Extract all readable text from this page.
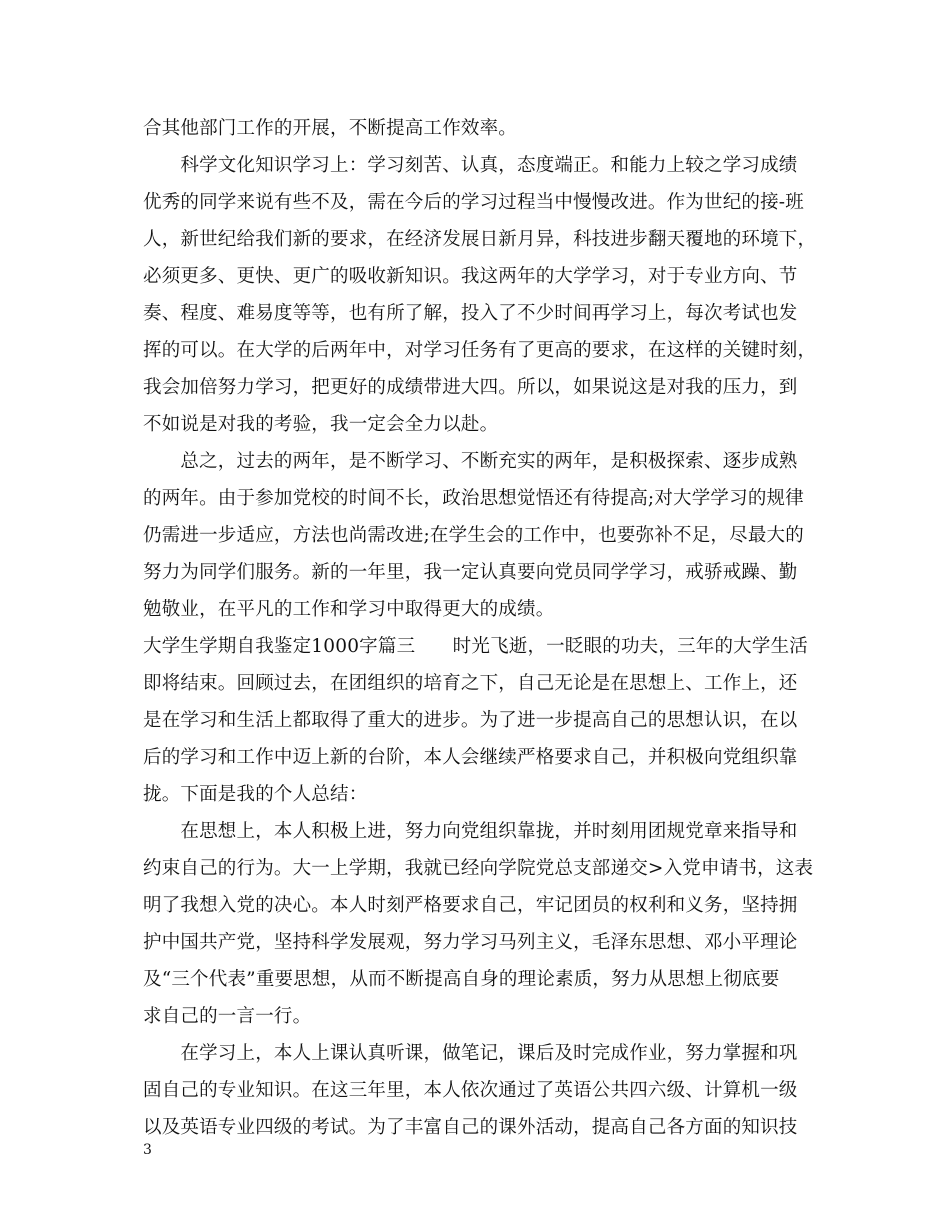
合其他部门工作的开展，不断提高工作效率。
　　科学文化知识学习上：学习刻苦、认真，态度端正。和能力上较之学习成绩
优秀的同学来说有些不及，需在今后的学习过程当中慢慢改进。作为世纪的接-班
人，新世纪给我们新的要求，在经济发展日新月异，科技进步翻天覆地的环境下，
必须更多、更快、更广的吸收新知识。我这两年的大学学习，对于专业方向、节
奏、程度、难易度等等，也有所了解，投入了不少时间再学习上，每次考试也发
挥的可以。在大学的后两年中，对学习任务有了更高的要求，在这样的关键时刻，
我会加倍努力学习，把更好的成绩带进大四。所以，如果说这是对我的压力，到
不如说是对我的考验，我一定会全力以赴。
　　总之，过去的两年，是不断学习、不断充实的两年，是积极探索、逐步成熟
的两年。由于参加党校的时间不长，政治思想觉悟还有待提高;对大学学习的规律
仍需进一步适应，方法也尚需改进;在学生会的工作中，也要弥补不足，尽最大的
努力为同学们服务。新的一年里，我一定认真要向党员同学学习，戒骄戒躁、勤
勉敬业，在平凡的工作和学习中取得更大的成绩。
大学生学期自我鉴定1000字篇三　　时光飞逝，一眨眼的功夫，三年的大学生活
即将结束。回顾过去，在团组织的培育之下，自己无论是在思想上、工作上，还
是在学习和生活上都取得了重大的进步。为了进一步提高自己的思想认识，在以
后的学习和工作中迈上新的台阶，本人会继续严格要求自己，并积极向党组织靠
拢。下面是我的个人总结：
　　在思想上，本人积极上进，努力向党组织靠拢，并时刻用团规党章来指导和
约束自己的行为。大一上学期，我就已经向学院党总支部递交>入党申请书，这表
明了我想入党的决心。本人时刻严格要求自己，牢记团员的权利和义务，坚持拥
护中国共产党，坚持科学发展观，努力学习马列主义，毛泽东思想、邓小平理论
及“三个代表”重要思想，从而不断提高自身的理论素质，努力从思想上彻底要
求自己的一言一行。
　　在学习上，本人上课认真听课，做笔记，课后及时完成作业，努力掌握和巩
固自己的专业知识。在这三年里，本人依次通过了英语公共四六级、计算机一级
以及英语专业四级的考试。为了丰富自己的课外活动，提高自己各方面的知识技
3
